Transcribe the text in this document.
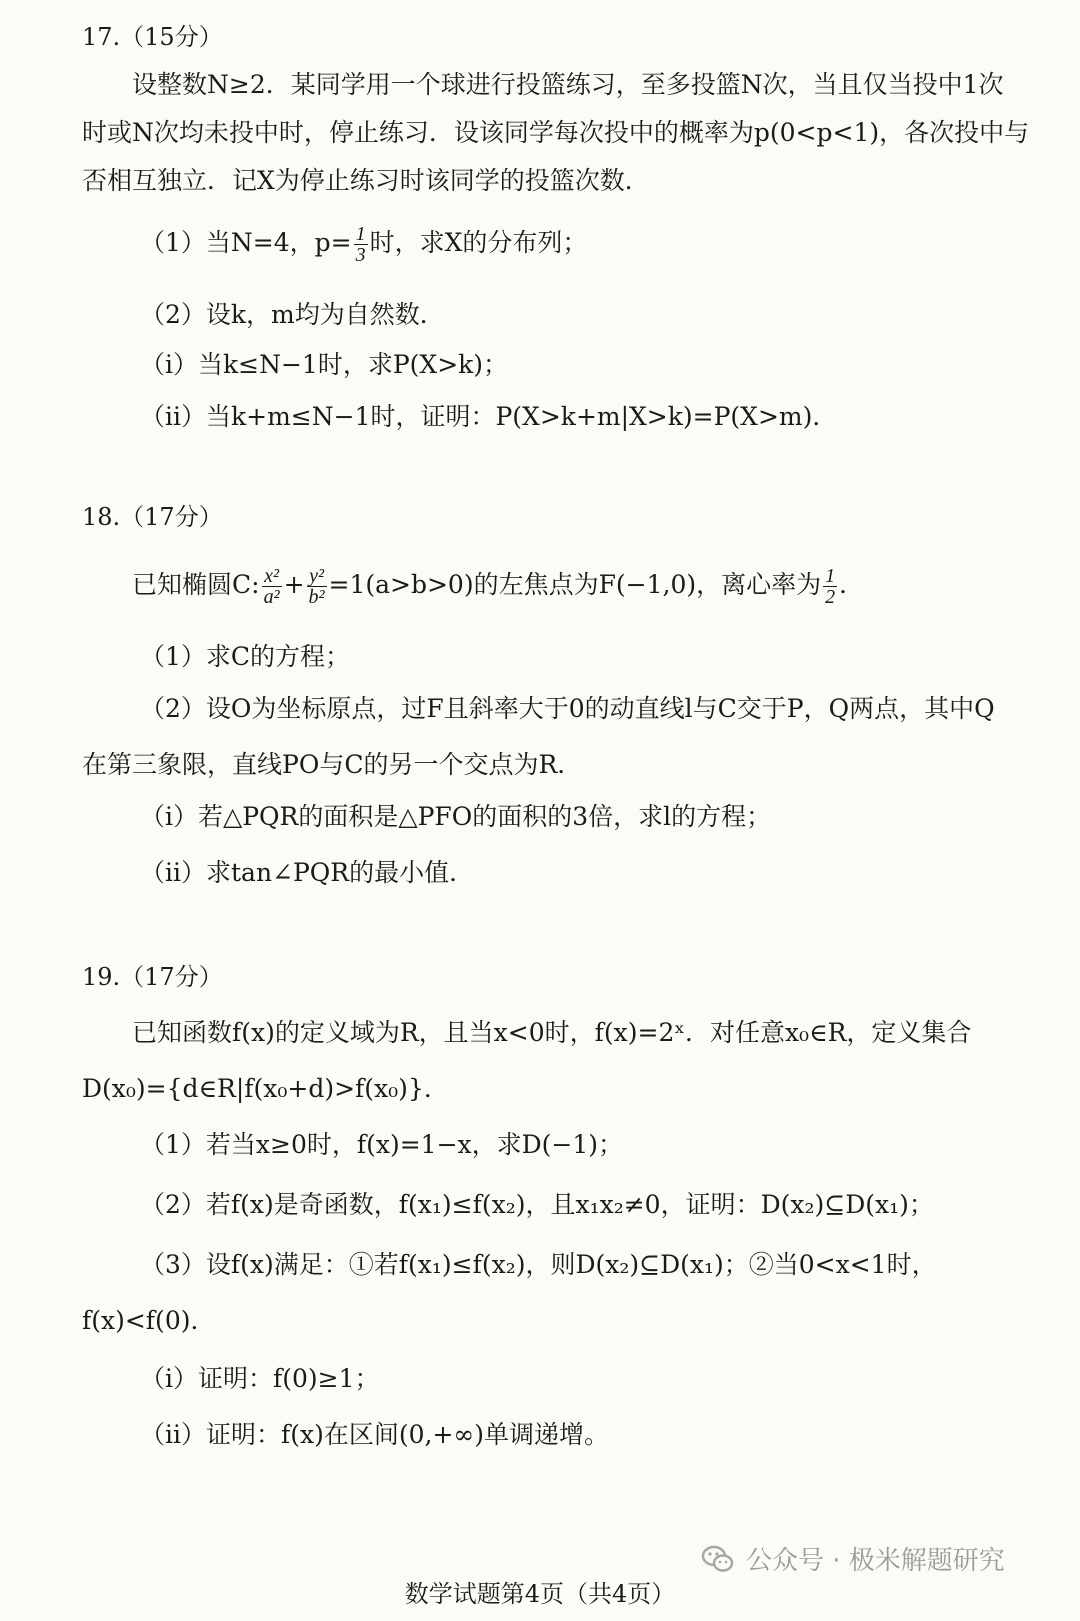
17.（15分）
设整数N≥2．某同学用一个球进行投篮练习，至多投篮N次，当且仅当投中1次
时或N次均未投中时，停止练习．设该同学每次投中的概率为p(0<p<1)，各次投中与
否相互独立．记X为停止练习时该同学的投篮次数．
（1）当N=4，$p= \frac{1}{3}$ 时，求X的分布列；
（2）设k，m均为自然数．
（ⅰ）当k≤N−1时，求P(X>k)；
（ⅱ）当k+m≤N−1时，证明：P(X>k+m|X>k)=P(X>m)．
18.（17分）
已知椭圆C: $\frac{\text{x²}}{\text{a²}} + \frac{\text{y²}}{\text{b²}} =1(a>b>0)$的左焦点为F(−1,0)，离心率为 $\frac{1}{2}$ ．
（1）求C的方程；
（2）设O为坐标原点，过F且斜率大于0的动直线l与C交于P，Q两点，其中Q
在第三象限，直线PO与C的另一个交点为R．
（ⅰ）若△PQR的面积是△PFO的面积的3倍，求l的方程；
（ⅱ）求tan∠PQR的最小值．
19.（17分）
已知函数f(x)的定义域为R，且当x<0时，f(x)=2ˣ．对任意x₀∈R，定义集合
D(x₀)={d∈R|f(x₀+d)>f(x₀)}．
（1）若当x≥0时，f(x)=1−x，求D(−1)；
（2）若f(x)是奇函数，f(x₁)≤f(x₂)，且x₁x₂≠0，证明：D(x₂)⊆D(x₁)；
（3）设f(x)满足：①若f(x₁)≤f(x₂)，则D(x₂)⊆D(x₁)；②当0<x<1时，
f(x)<f(0)．
（ⅰ）证明：f(0)≥1；
（ⅱ）证明：f(x)在区间(0,+∞)单调递增。
公众号 · 极米解题研究
数学试题第4页（共4页）
